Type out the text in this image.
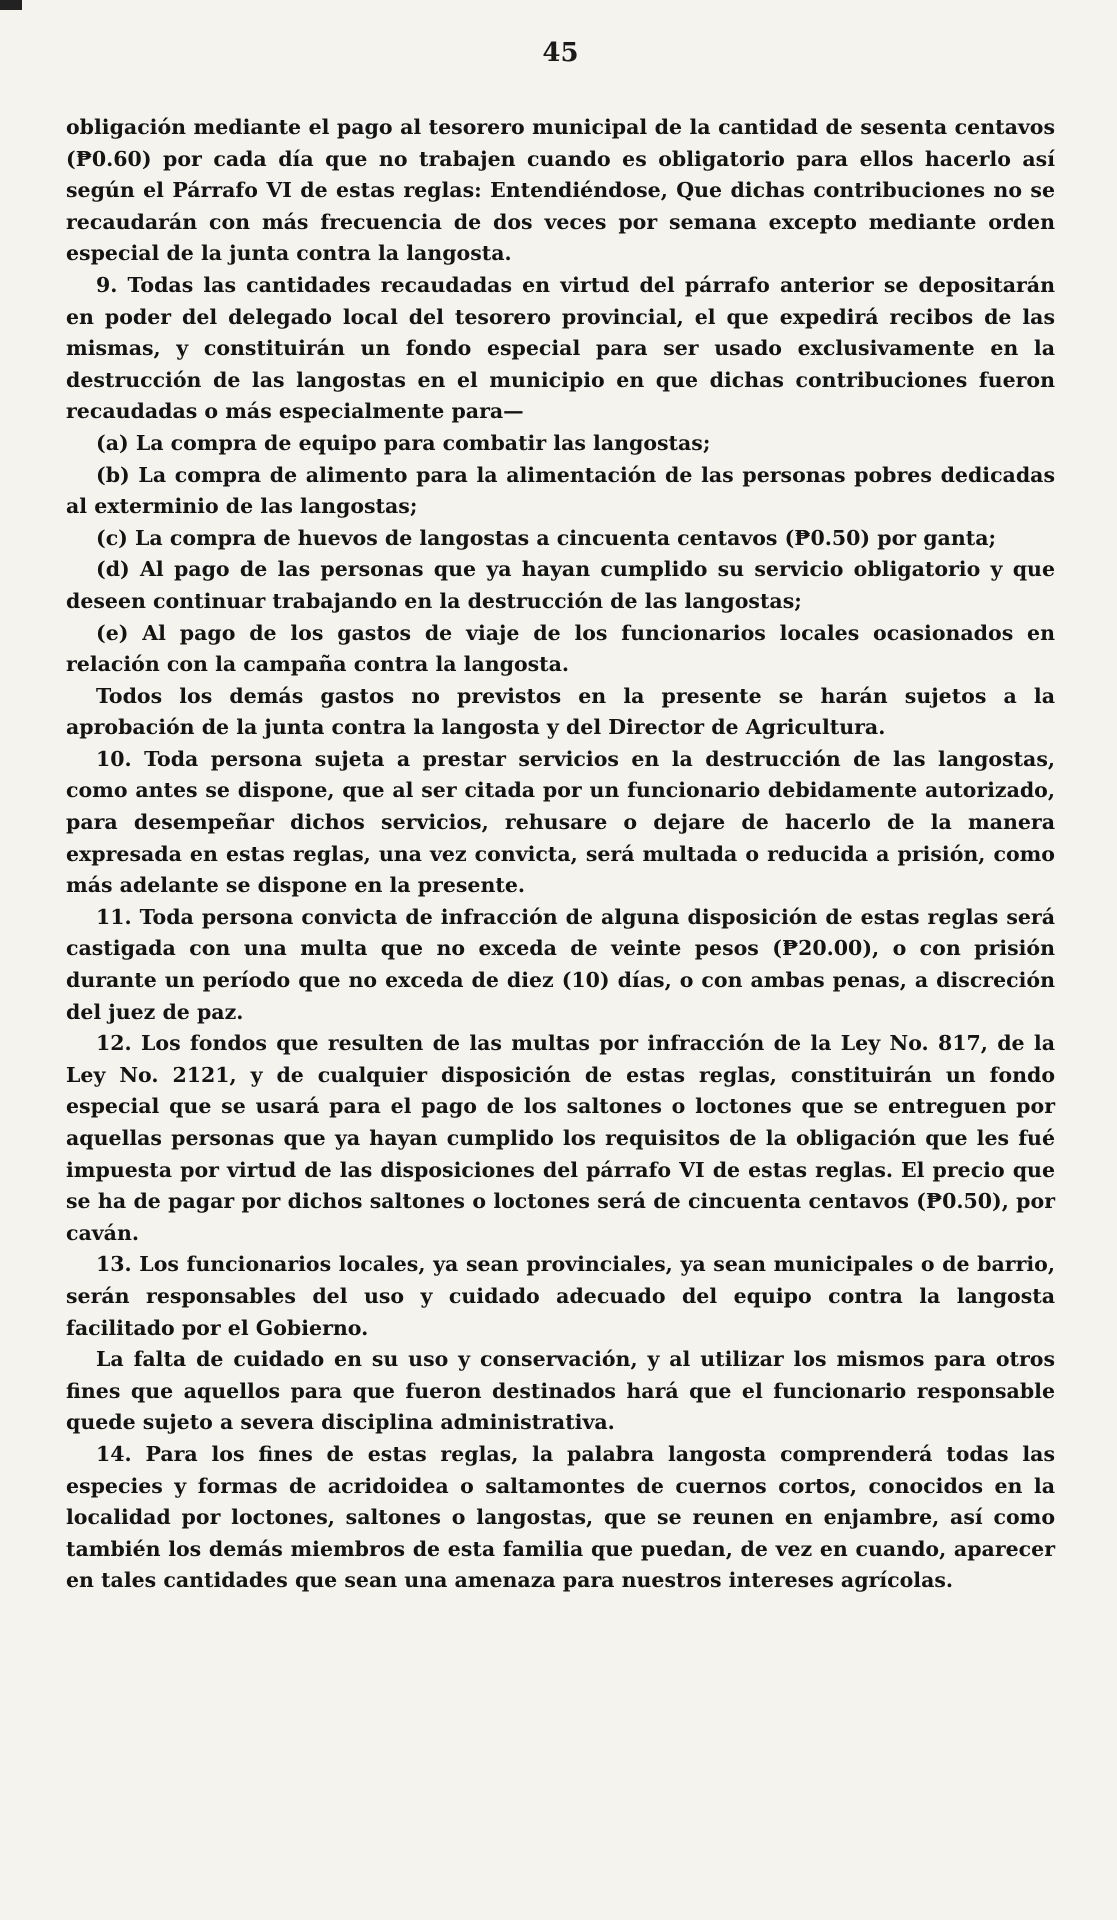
45

obligación mediante el pago al tesorero municipal de la cantidad de sesenta centavos (₱0.60) por cada día que no trabajen cuando es obligatorio para ellos hacerlo así según el Párrafo VI de estas reglas: Entendiéndose, Que dichas contribuciones no se recaudarán con más frecuencia de dos veces por semana excepto mediante orden especial de la junta contra la langosta.

9. Todas las cantidades recaudadas en virtud del párrafo anterior se depositarán en poder del delegado local del tesorero provincial, el que expedirá recibos de las mismas, y constituirán un fondo especial para ser usado exclusivamente en la destrucción de las langostas en el municipio en que dichas contribuciones fueron recaudadas o más especialmente para—

(a) La compra de equipo para combatir las langostas;

(b) La compra de alimento para la alimentación de las personas pobres dedicadas al exterminio de las langostas;

(c) La compra de huevos de langostas a cincuenta centavos (₱0.50) por ganta;

(d) Al pago de las personas que ya hayan cumplido su servicio obligatorio y que deseen continuar trabajando en la destrucción de las langostas;

(e) Al pago de los gastos de viaje de los funcionarios locales ocasionados en relación con la campaña contra la langosta.

Todos los demás gastos no previstos en la presente se harán sujetos a la aprobación de la junta contra la langosta y del Director de Agricultura.

10. Toda persona sujeta a prestar servicios en la destrucción de las langostas, como antes se dispone, que al ser citada por un funcionario debidamente autorizado, para desempeñar dichos servicios, rehusare o dejare de hacerlo de la manera expresada en estas reglas, una vez convicta, será multada o reducida a prisión, como más adelante se dispone en la presente.

11. Toda persona convicta de infracción de alguna disposición de estas reglas será castigada con una multa que no exceda de veinte pesos (₱20.00), o con prisión durante un período que no exceda de diez (10) días, o con ambas penas, a discreción del juez de paz.

12. Los fondos que resulten de las multas por infracción de la Ley No. 817, de la Ley No. 2121, y de cualquier disposición de estas reglas, constituirán un fondo especial que se usará para el pago de los saltones o loctones que se entreguen por aquellas personas que ya hayan cumplido los requisitos de la obligación que les fué impuesta por virtud de las disposiciones del párrafo VI de estas reglas. El precio que se ha de pagar por dichos saltones o loctones será de cincuenta centavos (₱0.50), por caván.

13. Los funcionarios locales, ya sean provinciales, ya sean municipales o de barrio, serán responsables del uso y cuidado adecuado del equipo contra la langosta facilitado por el Gobierno.

La falta de cuidado en su uso y conservación, y al utilizar los mismos para otros fines que aquellos para que fueron destinados hará que el funcionario responsable quede sujeto a severa disciplina administrativa.

14. Para los fines de estas reglas, la palabra langosta comprenderá todas las especies y formas de acridoidea o saltamontes de cuernos cortos, conocidos en la localidad por loctones, saltones o langostas, que se reunen en enjambre, así como también los demás miembros de esta familia que puedan, de vez en cuando, aparecer en tales cantidades que sean una amenaza para nuestros intereses agrícolas.
